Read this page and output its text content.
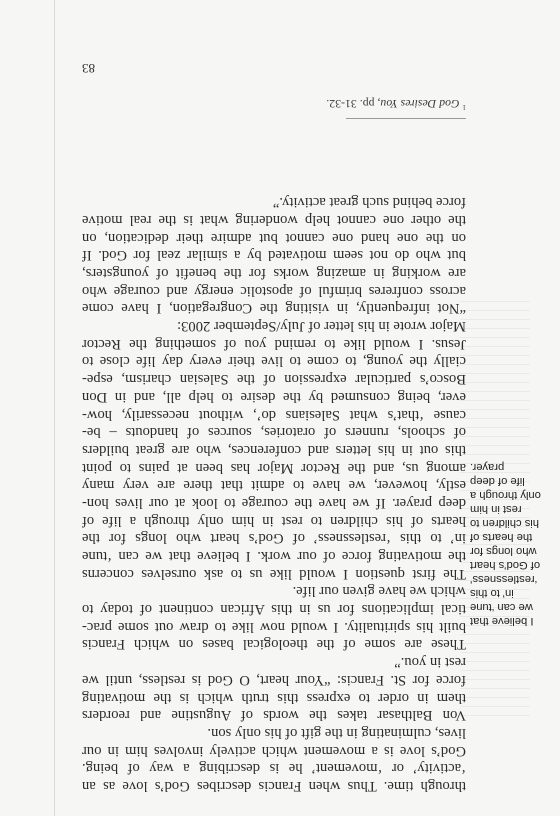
through time. Thus when Francis describes God’s love as an
‘activity’ or ‘movement’ he is describing a way of being.
God’s love is a movement which actively involves him in our
lives, culminating in the gift of his only son.
Von Balthasar takes the words of Augustine and reorders
them in order to express this truth which is the motivating
force for St. Francis: “Your heart, O God is restless, until we
rest in you.”
These are some of the theological bases on which Francis
built his spirituality. I would now like to draw out some prac-
tical implications for us in this African continent of today to
which we have given our life.
The first question I would like us to ask ourselves concerns
the motivating force of our work. I believe that we can ‘tune
in’ to this ‘restlessness’ of God’s heart who longs for the
hearts of his children to rest in him only through a life of
deep prayer. If we have the courage to look at our lives hon-
estly, however, we have to admit that there are very many
among us, and the Rector Major has been at pains to point
this out in his letters and conferences, who are great builders
of schools, runners of oratories, sources of handouts – be-
cause ‘that’s what Salesians do’, without necessarily, how-
ever, being consumed by the desire to help all, and in Don
Bosco’s particular expression of the Salesian charism, espe-
cially the young, to come to live their every day life close to
Jesus. I would like to remind you of something the Rector
Major wrote in his letter of July/September 2003:
“Not infrequently, in visiting the Congregation, I have come
across confreres brimful of apostolic energy and courage who
are working in amazing works for the benefit of youngsters,
but who do not seem motivated by a similar zeal for God. If
on the one hand one cannot but admire their dedication, on
the other one cannot help wondering what is the real motive
force behind such great activity.”
$^1$God Desires You, pp. 31-32.
83
I believe that
we can ‘tune
in’ to this
‘restlessness’
of God’s heart
who longs for
the hearts of
his children to
rest in him
only through a
life of deep
prayer.
